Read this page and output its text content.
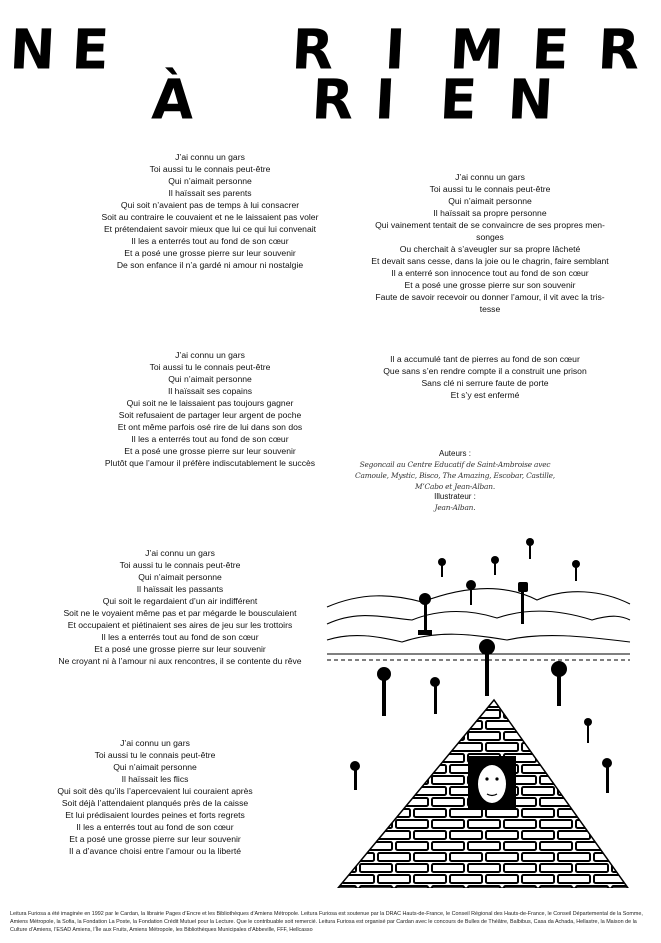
N E	R I M E R
À R I E N
J’ai connu un gars
Toi aussi tu le connais peut-être
Qui n’aimait personne
Il haïssait ses parents
Qui soit n’avaient pas de temps à lui consacrer
Soit au contraire le couvaient et ne le laissaient pas voler
Et prétendaient savoir mieux que lui ce qui lui convenait
Il les a enterrés tout au fond de son cœur
Et a posé une grosse pierre sur leur souvenir
De son enfance il n’a gardé ni amour ni nostalgie
J’ai connu un gars
Toi aussi tu le connais peut-être
Qui n’aimait personne
Il haïssait sa propre personne
Qui vainement tentait de se convaincre de ses propres men-
songes
Ou cherchait à s’aveugler sur sa propre lâcheté
Et devait sans cesse, dans la joie ou le chagrin, faire semblant
Il a enterré son innocence tout au fond de son cœur
Et a posé une grosse pierre sur son souvenir
Faute de savoir recevoir ou donner l’amour, il vit avec la tris-
tesse
J’ai connu un gars
Toi aussi tu le connais peut-être
Qui n’aimait personne
Il haïssait ses copains
Qui soit ne le laissaient pas toujours gagner
Soit refusaient de partager leur argent de poche
Et ont même parfois osé rire de lui dans son dos
Il les a enterrés tout au fond de son cœur
Et a posé une grosse pierre sur leur souvenir
Plutôt que l’amour il préfère indiscutablement le succès
Il a accumulé tant de pierres au fond de son cœur
Que sans s’en rendre compte il a construit une prison
Sans clé ni serrure faute de porte
Et s’y est enfermé
Auteurs :
Segoncail au Centre Educatif de Saint-Ambroise avec Camoule, Mystic, Bisco, The Amazing, Escobar, Castille, M’Cabo et Jean-Alban.
Illustrateur :
Jean-Alban.
J’ai connu un gars
Toi aussi tu le connais peut-être
Qui n’aimait personne
Il haïssait les passants
Qui soit le regardaient d’un air indifférent
Soit ne le voyaient même pas et par mégarde le bousculaient
Et occupaient et piétinaient ses aires de jeu sur les trottoirs
Il les a enterrés tout au fond de son cœur
Et a posé une grosse pierre sur leur souvenir
Ne croyant ni à l’amour ni aux rencontres, il se contente du rêve
J’ai connu un gars
Toi aussi tu le connais peut-être
Qui n’aimait personne
Il haïssait les flics
Qui soit dès qu’ils l’apercevaient lui couraient après
Soit déjà l’attendaient planqués près de la caisse
Et lui prédisaient lourdes peines et forts regrets
Il les a enterrés tout au fond de son cœur
Et a posé une grosse pierre sur leur souvenir
Il a d’avance choisi entre l’amour ou la liberté
Leitura Furiosa a été imaginée en 1992 par le Cardan, la librairie Pages d’Encre et les Bibliothèques d’Amiens Métropole. Leitura Furiosa est soutenue par la DRAC Hauts-de-France, le Conseil Régional des Hauts-de-France, le Conseil Départemental de la Somme, Amiens Métropole, la Sofia, la Fondation La Poste, la Fondation Crédit Mutuel pour la Lecture. Que le contribuable soit remercié. Leitura Furiosa est organisé par Cardan avec le concours de Bulles de Théâtre, Balbibus, Casa da Achada, Hellastre, la Maison de la Culture d’Amiens, l’ESAD Amiens, l’Île aux Fruits, Amiens Métropole, les Bibliothèques Municipales d’Abbeville, FFF, Hellcasso
